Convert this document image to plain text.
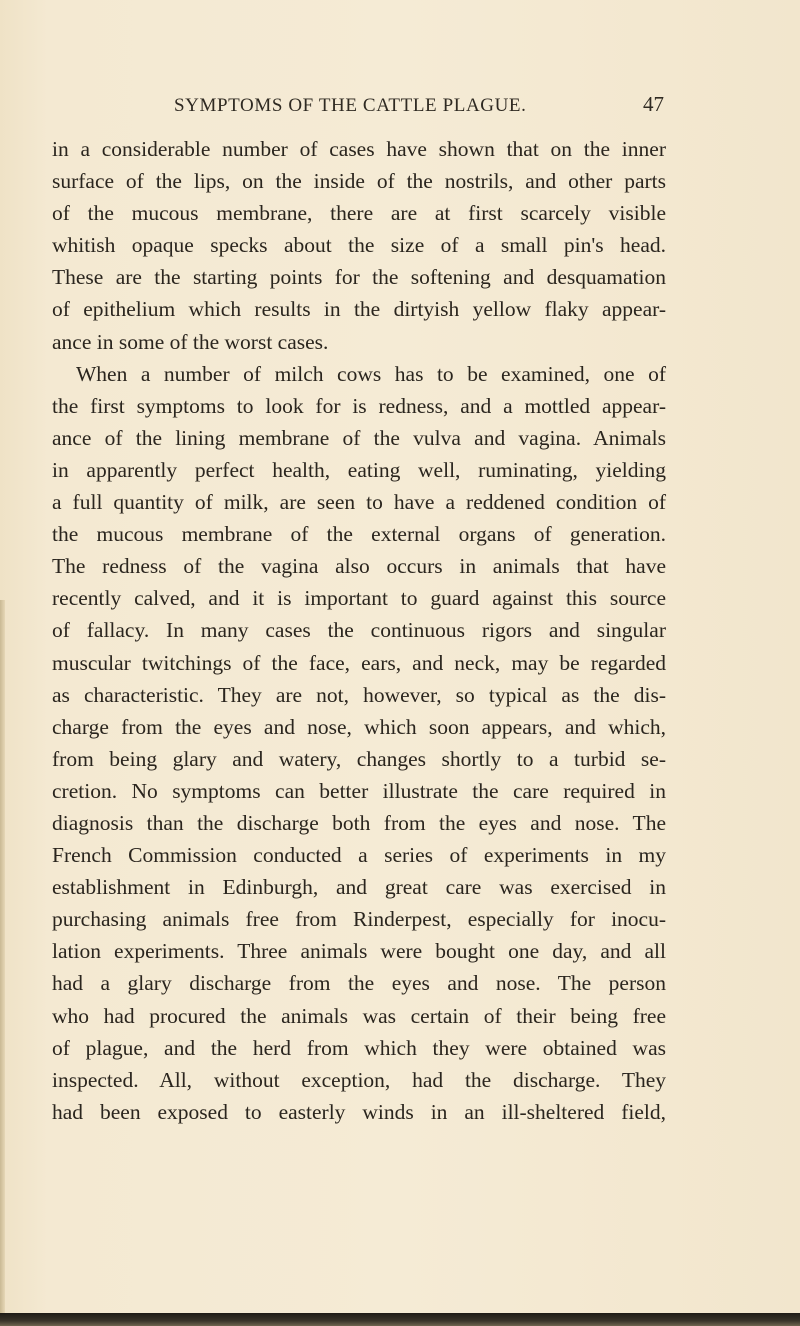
SYMPTOMS OF THE CATTLE PLAGUE.	47
in a considerable number of cases have shown that on the inner
surface of the lips, on the inside of the nostrils, and other parts
of the mucous membrane, there are at first scarcely visible
whitish opaque specks about the size of a small pin's head.
These are the starting points for the softening and desquamation
of epithelium which results in the dirtyish yellow flaky appear-
ance in some of the worst cases.
When a number of milch cows has to be examined, one of
the first symptoms to look for is redness, and a mottled appear-
ance of the lining membrane of the vulva and vagina. Animals
in apparently perfect health, eating well, ruminating, yielding
a full quantity of milk, are seen to have a reddened condition of
the mucous membrane of the external organs of generation.
The redness of the vagina also occurs in animals that have
recently calved, and it is important to guard against this source
of fallacy. In many cases the continuous rigors and singular
muscular twitchings of the face, ears, and neck, may be regarded
as characteristic. They are not, however, so typical as the dis-
charge from the eyes and nose, which soon appears, and which,
from being glary and watery, changes shortly to a turbid se-
cretion. No symptoms can better illustrate the care required in
diagnosis than the discharge both from the eyes and nose. The
French Commission conducted a series of experiments in my
establishment in Edinburgh, and great care was exercised in
purchasing animals free from Rinderpest, especially for inocu-
lation experiments. Three animals were bought one day, and all
had a glary discharge from the eyes and nose. The person
who had procured the animals was certain of their being free
of plague, and the herd from which they were obtained was
inspected. All, without exception, had the discharge. They
had been exposed to easterly winds in an ill-sheltered field,
